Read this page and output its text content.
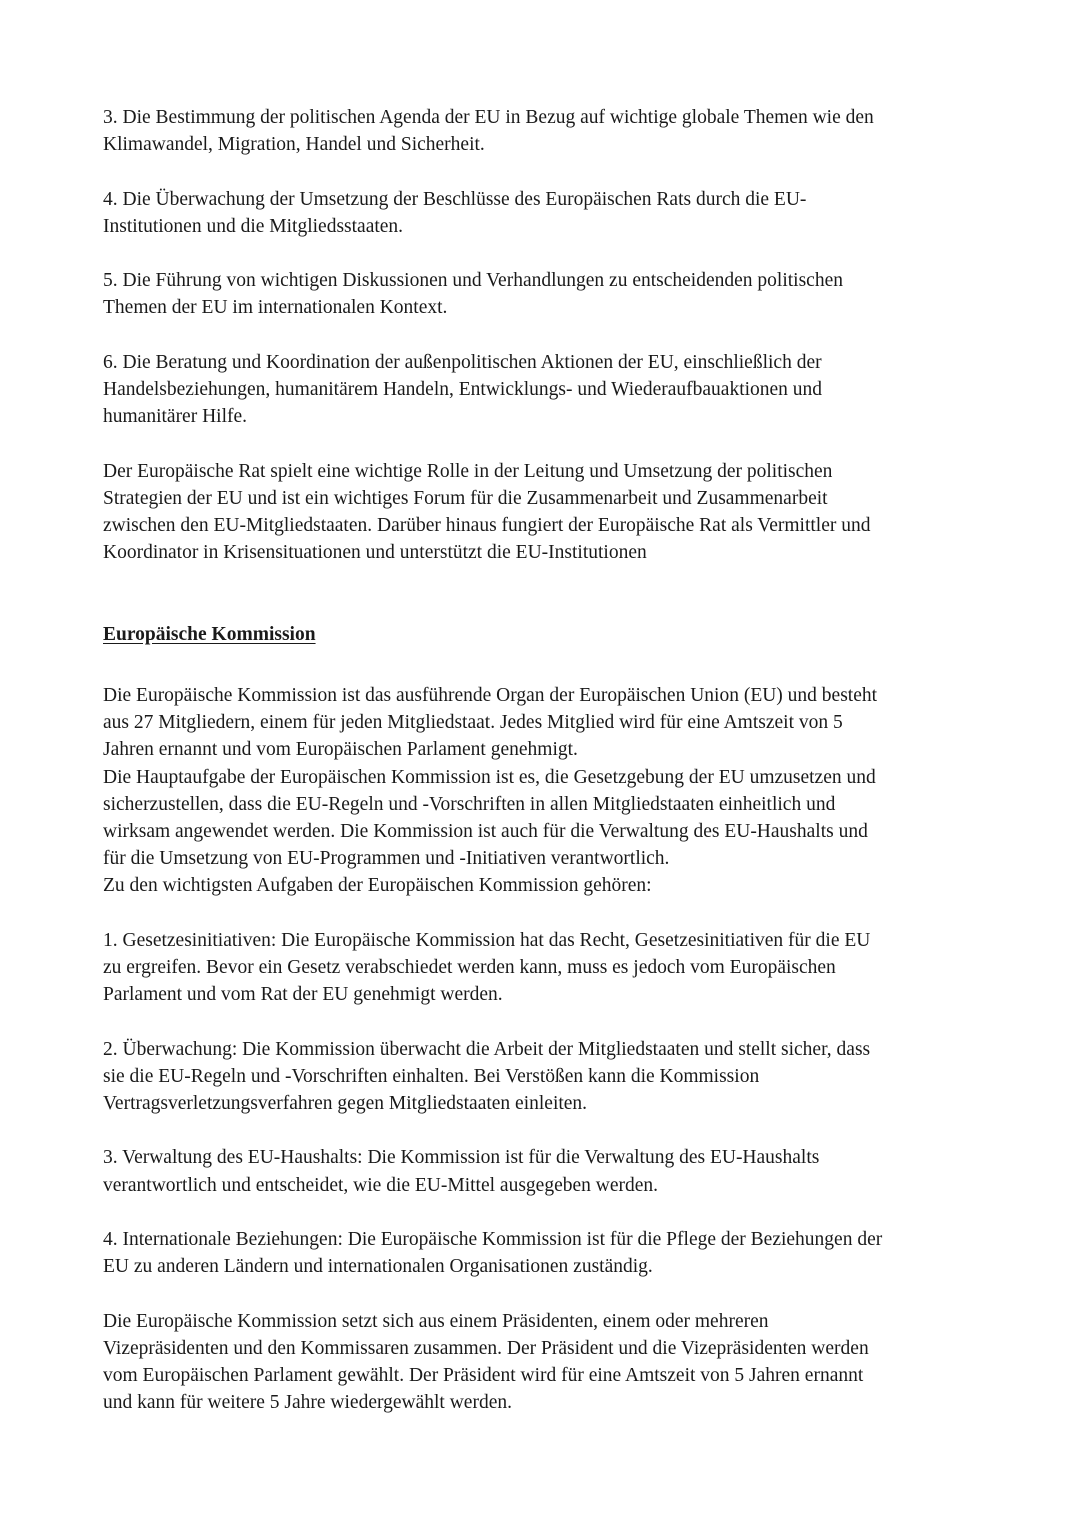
3. Die Bestimmung der politischen Agenda der EU in Bezug auf wichtige globale Themen wie den
Klimawandel, Migration, Handel und Sicherheit.
4. Die Überwachung der Umsetzung der Beschlüsse des Europäischen Rats durch die EU-
Institutionen und die Mitgliedsstaaten.
5. Die Führung von wichtigen Diskussionen und Verhandlungen zu entscheidenden politischen
Themen der EU im internationalen Kontext.
6. Die Beratung und Koordination der außenpolitischen Aktionen der EU, einschließlich der
Handelsbeziehungen, humanitärem Handeln, Entwicklungs- und Wiederaufbauaktionen und
humanitärer Hilfe.
Der Europäische Rat spielt eine wichtige Rolle in der Leitung und Umsetzung der politischen
Strategien der EU und ist ein wichtiges Forum für die Zusammenarbeit und Zusammenarbeit
zwischen den EU-Mitgliedstaaten. Darüber hinaus fungiert der Europäische Rat als Vermittler und
Koordinator in Krisensituationen und unterstützt die EU-Institutionen

Europäische Kommission

Die Europäische Kommission ist das ausführende Organ der Europäischen Union (EU) und besteht
aus 27 Mitgliedern, einem für jeden Mitgliedstaat. Jedes Mitglied wird für eine Amtszeit von 5
Jahren ernannt und vom Europäischen Parlament genehmigt.
Die Hauptaufgabe der Europäischen Kommission ist es, die Gesetzgebung der EU umzusetzen und
sicherzustellen, dass die EU-Regeln und -Vorschriften in allen Mitgliedstaaten einheitlich und
wirksam angewendet werden. Die Kommission ist auch für die Verwaltung des EU-Haushalts und
für die Umsetzung von EU-Programmen und -Initiativen verantwortlich.
Zu den wichtigsten Aufgaben der Europäischen Kommission gehören:
1. Gesetzesinitiativen: Die Europäische Kommission hat das Recht, Gesetzesinitiativen für die EU
zu ergreifen. Bevor ein Gesetz verabschiedet werden kann, muss es jedoch vom Europäischen
Parlament und vom Rat der EU genehmigt werden.
2. Überwachung: Die Kommission überwacht die Arbeit der Mitgliedstaaten und stellt sicher, dass
sie die EU-Regeln und -Vorschriften einhalten. Bei Verstößen kann die Kommission
Vertragsverletzungsverfahren gegen Mitgliedstaaten einleiten.
3. Verwaltung des EU-Haushalts: Die Kommission ist für die Verwaltung des EU-Haushalts
verantwortlich und entscheidet, wie die EU-Mittel ausgegeben werden.
4. Internationale Beziehungen: Die Europäische Kommission ist für die Pflege der Beziehungen der
EU zu anderen Ländern und internationalen Organisationen zuständig.
Die Europäische Kommission setzt sich aus einem Präsidenten, einem oder mehreren
Vizepräsidenten und den Kommissaren zusammen. Der Präsident und die Vizepräsidenten werden
vom Europäischen Parlament gewählt. Der Präsident wird für eine Amtszeit von 5 Jahren ernannt
und kann für weitere 5 Jahre wiedergewählt werden.
